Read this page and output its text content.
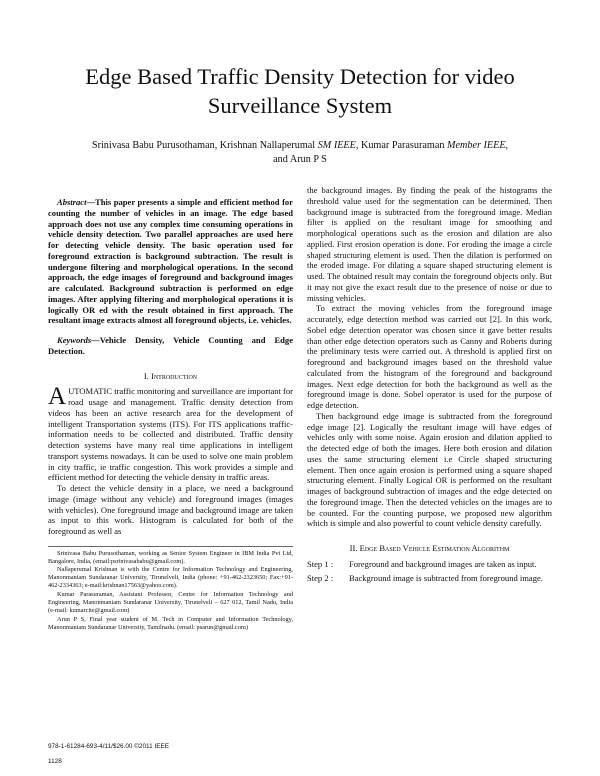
Edge Based Traffic Density Detection for video Surveillance System
Srinivasa Babu Purusothaman, Krishnan Nallaperumal SM IEEE, Kumar Parasuraman Member IEEE,
and Arun P S

Abstract—This paper presents a simple and efficient method for counting the number of vehicles in an image. The edge based approach does not use any complex time consuming operations in vehicle density detection. Two parallel approaches are used here for detecting vehicle density. The basic operation used for foreground extraction is background subtraction. The result is undergone filtering and morphological operations. In the second approach, the edge images of foreground and background images are calculated. Background subtraction is performed on edge images. After applying filtering and morphological operations it is logically OR ed with the result obtained in first approach. The resultant image extracts almost all foreground objects, i.e. vehicles.

Keywords—Vehicle Density, Vehicle Counting and Edge Detection.

I. Introduction

AUTOMATIC traffic monitoring and surveillance are important for road usage and management. Traffic density detection from videos has been an active research area for the development of intelligent Transportation systems (ITS). For ITS applications traffic- information needs to be collected and distributed. Traffic density detection systems have many real time applications in intelligent transport systems nowadays. It can be used to solve one main problem in city traffic, ie traffic congestion. This work provides a simple and efficient method for detecting the vehicle density in traffic areas.

To detect the vehicle density in a place, we need a background image (image without any vehicle) and foreground images (images with vehicles). One foreground image and background image are taken as input to this work. Histogram is calculated for both of the foreground as well as

Srinivasa Babu Purusothaman, working as Senior System Engineer in IBM India Pvt Ltd, Bangalore, India, (email:psrinivasababu@gmail.com).

Nallaperumal Krishnan is with the Centre for Information Technology and Engineering, Manonmaniam Sundaranar University, Tirunelveli, India (phone: +91-462-2323650; Fax:+91-462-2334363; e-mail:krishnan17563@yahoo.com).

Kumar Parasuraman, Assistant Professor, Centre for Information Technology and Engineering, Manonmaniam Sundaranar University, Tirunelveli – 627 012, Tamil Nadu, India (e-mail: kumarcite@gmail.com)

Arun P S, Final year student of M. Tech in Computer and Information Technology, Manonmaniam Sundaranar University, Tamilnadu. (email: psarun@gmail.com)

the background images. By finding the peak of the histograms the threshold value used for the segmentation can be determined. Then background image is subtracted from the foreground image. Median filter is applied on the resultant image for smoothing and morphological operations such as the erosion and dilation are also applied. First erosion operation is done. For eroding the image a circle shaped structuring element is used. Then the dilation is performed on the eroded image. For dilating a square shaped structuring element is used. The obtained result may contain the foreground objects only. But it may not give the exact result due to the presence of noise or due to missing vehicles.

To extract the moving vehicles from the foreground image accurately, edge detection method was carried out [2]. In this work, Sobel edge detection operator was chosen since it gave better results than other edge detection operators such as Canny and Roberts during the preliminary tests were carried out. A threshold is applied first on foreground and background images based on the threshold value calculated from the histogram of the foreground and background images. Next edge detection for both the background as well as the foreground image is done. Sobel operator is used for the purpose of edge detection.

Then background edge image is subtracted from the foreground edge image [2]. Logically the resultant image will have edges of vehicles only with some noise. Again erosion and dilation applied to the detected edge of both the images. Here both erosion and dilation uses the same structuring element i.e Circle shaped structuring element. Then once again erosion is performed using a square shaped structuring element. Finally Logical OR is performed on the resultant images of background subtraction of images and the edge detected on the foreground image. Then the detected vehicles on the images are to be counted. For the counting purpose, we proposed new algorithm which is simple and also powerful to count vehicle density carefully.

II. Edge Based Vehicle Estimation Algorithm
Step 1 :	Foreground and background images are taken as input.
Step 2 :	Background image is subtracted from foreground image.
978-1-61284-693-4/11/$26.00 ©2011 IEEE
1128
